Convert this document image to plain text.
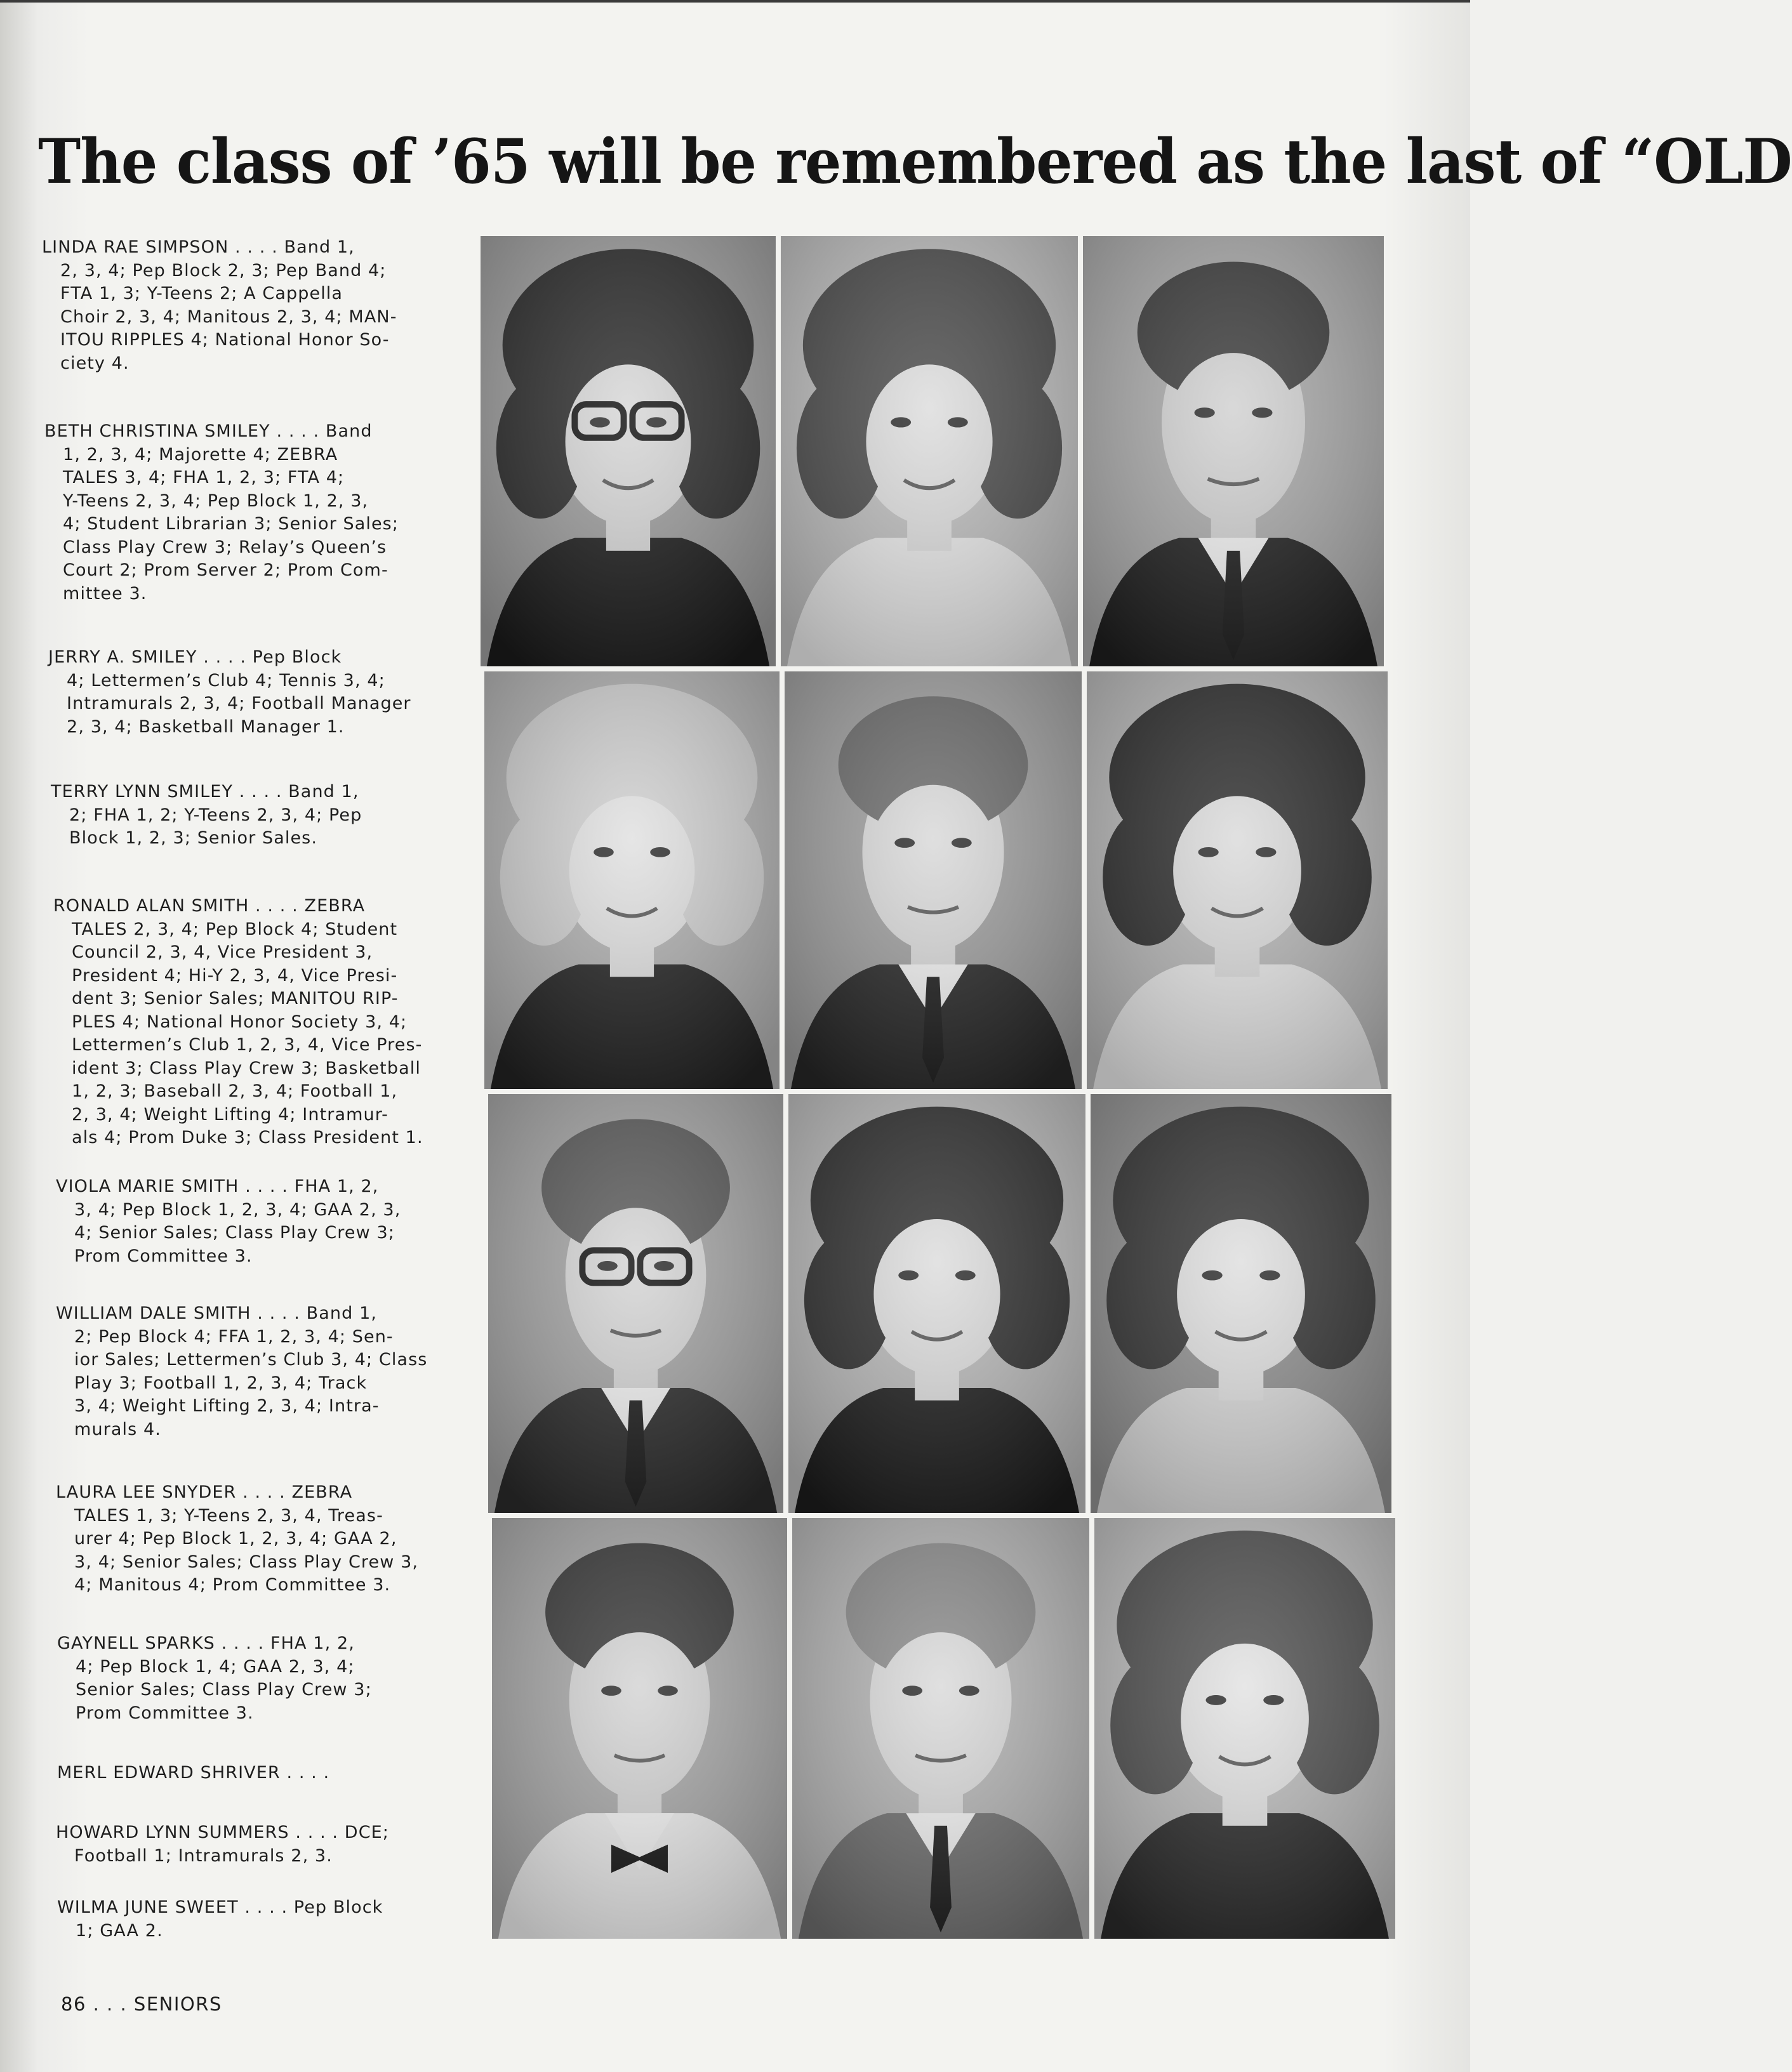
The class of ’65 will be remembered as the last of “OLD
LINDA RAE SIMPSON . . . . Band 1,
2, 3, 4; Pep Block 2, 3; Pep Band 4;
FTA 1, 3; Y-Teens 2; A Cappella
Choir 2, 3, 4; Manitous 2, 3, 4; MAN-
ITOU RIPPLES 4; National Honor So-
ciety 4.
BETH CHRISTINA SMILEY . . . . Band
1, 2, 3, 4; Majorette 4; ZEBRA
TALES 3, 4; FHA 1, 2, 3; FTA 4;
Y-Teens 2, 3, 4; Pep Block 1, 2, 3,
4; Student Librarian 3; Senior Sales;
Class Play Crew 3; Relay’s Queen’s
Court 2; Prom Server 2; Prom Com-
mittee 3.
JERRY A. SMILEY . . . . Pep Block
4; Lettermen’s Club 4; Tennis 3, 4;
Intramurals 2, 3, 4; Football Manager
2, 3, 4; Basketball Manager 1.
TERRY LYNN SMILEY . . . . Band 1,
2; FHA 1, 2; Y-Teens 2, 3, 4; Pep
Block 1, 2, 3; Senior Sales.
RONALD ALAN SMITH . . . . ZEBRA
TALES 2, 3, 4; Pep Block 4; Student
Council 2, 3, 4, Vice President 3,
President 4; Hi-Y 2, 3, 4, Vice Presi-
dent 3; Senior Sales; MANITOU RIP-
PLES 4; National Honor Society 3, 4;
Lettermen’s Club 1, 2, 3, 4, Vice Pres-
ident 3; Class Play Crew 3; Basketball
1, 2, 3; Baseball 2, 3, 4; Football 1,
2, 3, 4; Weight Lifting 4; Intramur-
als 4; Prom Duke 3; Class President 1.
VIOLA MARIE SMITH . . . . FHA 1, 2,
3, 4; Pep Block 1, 2, 3, 4; GAA 2, 3,
4; Senior Sales; Class Play Crew 3;
Prom Committee 3.
WILLIAM DALE SMITH . . . . Band 1,
2; Pep Block 4; FFA 1, 2, 3, 4; Sen-
ior Sales; Lettermen’s Club 3, 4; Class
Play 3; Football 1, 2, 3, 4; Track
3, 4; Weight Lifting 2, 3, 4; Intra-
murals 4.
LAURA LEE SNYDER . . . . ZEBRA
TALES 1, 3; Y-Teens 2, 3, 4, Treas-
urer 4; Pep Block 1, 2, 3, 4; GAA 2,
3, 4; Senior Sales; Class Play Crew 3,
4; Manitous 4; Prom Committee 3.
GAYNELL SPARKS . . . . FHA 1, 2,
4; Pep Block 1, 4; GAA 2, 3, 4;
Senior Sales; Class Play Crew 3;
Prom Committee 3.
MERL EDWARD SHRIVER . . . .
HOWARD LYNN SUMMERS . . . . DCE;
Football 1; Intramurals 2, 3.
WILMA JUNE SWEET . . . . Pep Block
1; GAA 2.
86 . . . SENIORS
